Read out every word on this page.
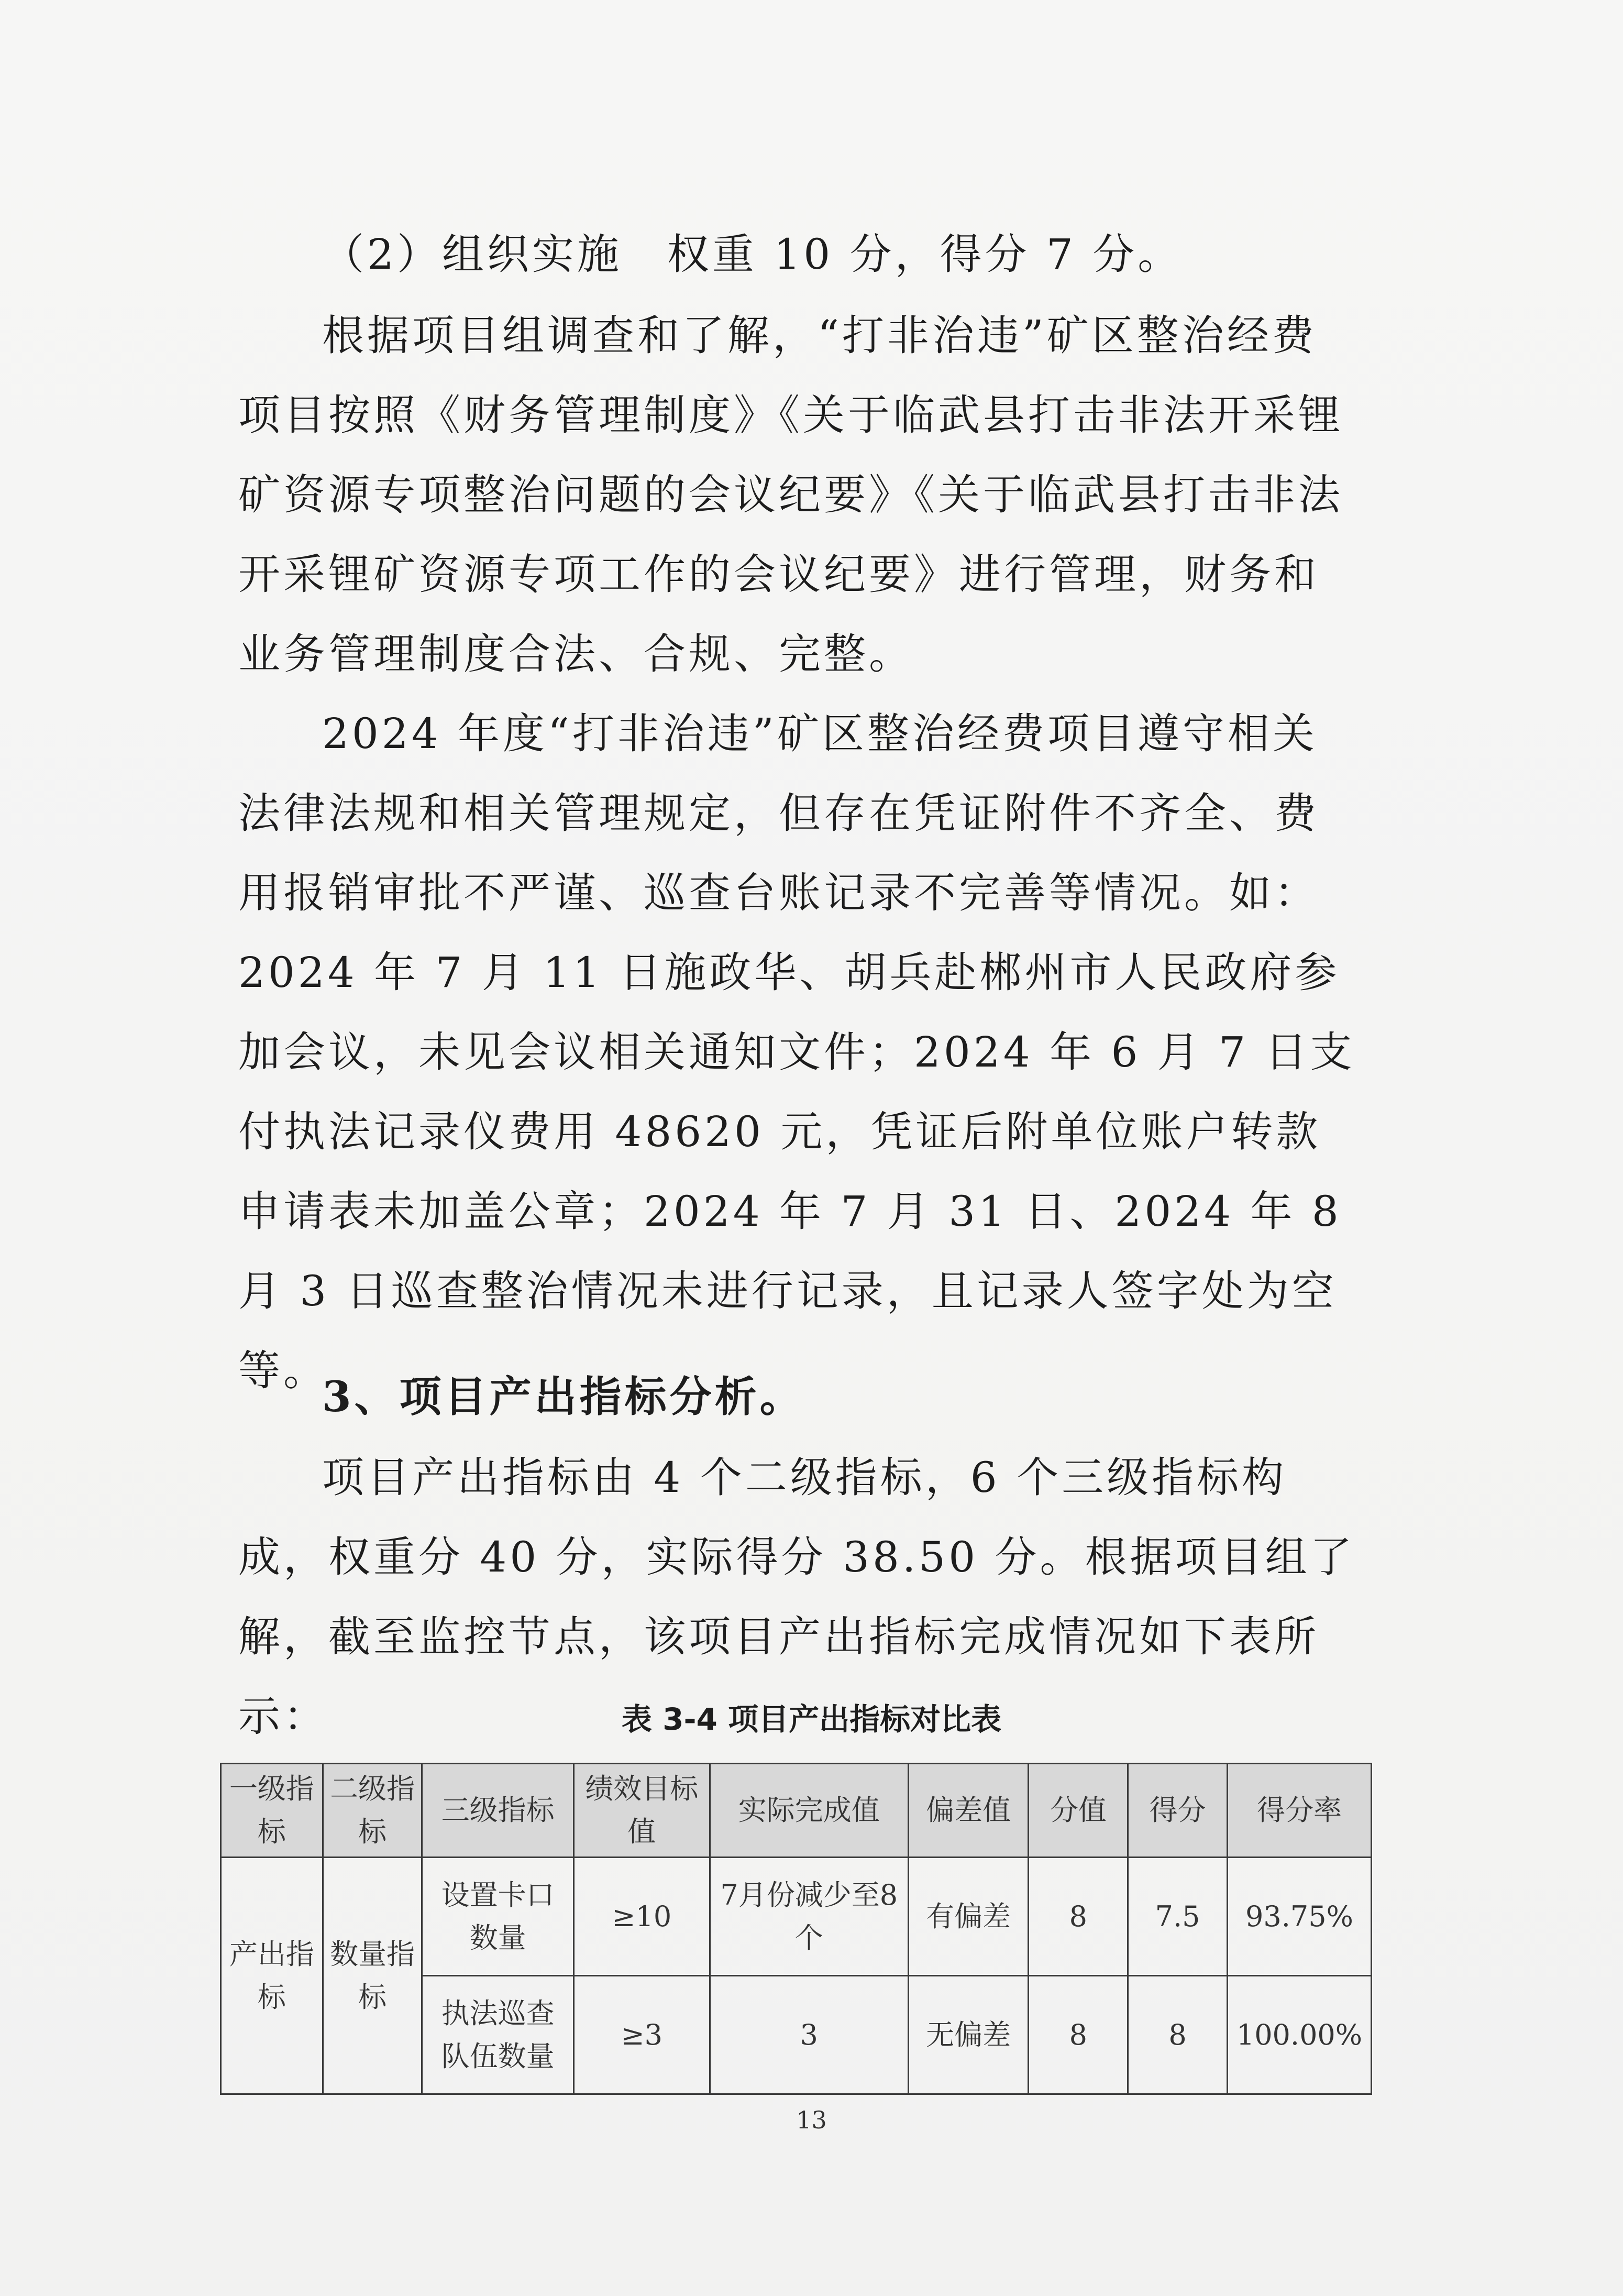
（2）组织实施　权重 10 分，得分 7 分。

根据项目组调查和了解，“打非治违”矿区整治经费项目按照《财务管理制度》《关于临武县打击非法开采锂矿资源专项整治问题的会议纪要》《关于临武县打击非法开采锂矿资源专项工作的会议纪要》进行管理，财务和业务管理制度合法、合规、完整。

2024 年度“打非治违”矿区整治经费项目遵守相关法律法规和相关管理规定，但存在凭证附件不齐全、费用报销审批不严谨、巡查台账记录不完善等情况。如：2024 年 7 月 11 日施政华、胡兵赴郴州市人民政府参加会议，未见会议相关通知文件；2024 年 6 月 7 日支付执法记录仪费用 48620 元，凭证后附单位账户转款申请表未加盖公章；2024 年 7 月 31 日、2024 年 8 月 3 日巡查整治情况未进行记录，且记录人签字处为空等。

3、项目产出指标分析。

项目产出指标由 4 个二级指标，6 个三级指标构成，权重分 40 分，实际得分 38.50 分。根据项目组了解，截至监控节点，该项目产出指标完成情况如下表所示：	表 3-4 项目产出指标对比表
一级指标	二级指标	三级指标	绩效目标值	实际完成值	偏差值	分值	得分	得分率
产出指标	数量指标	设置卡口数量	≥10	7月份减少至8个	有偏差	8	7.5	93.75%
		执法巡查队伍数量	≥3	3	无偏差	8	8	100.00%
13
